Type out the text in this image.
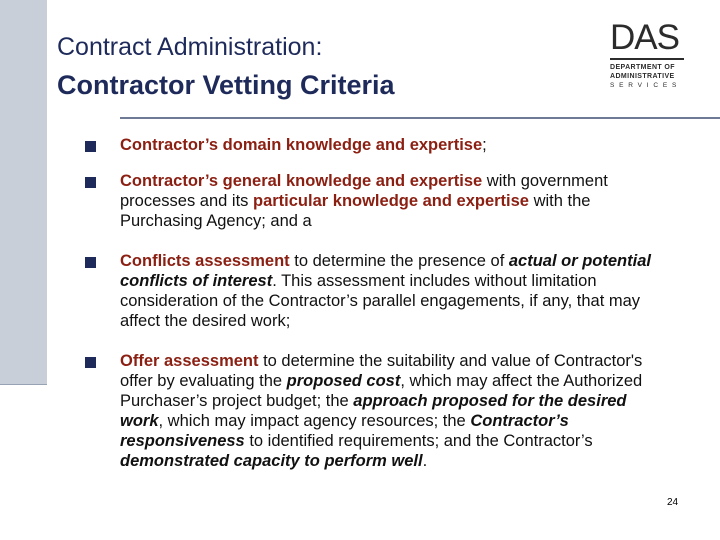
Contract Administration:
Contractor Vetting Criteria
DAS
DEPARTMENT OF
ADMINISTRATIVE
SERVICES
Contractor’s domain knowledge and expertise;
Contractor’s general knowledge and expertise with government processes and its particular knowledge and expertise with the Purchasing Agency; and a
Conflicts assessment to determine the presence of actual or potential conflicts of interest. This assessment includes without limitation consideration of the Contractor’s parallel engagements, if any, that may affect the desired work;
Offer assessment to determine the suitability and value of Contractor's offer by evaluating the proposed cost, which may affect the Authorized Purchaser’s project budget; the approach proposed for the desired work, which may impact agency resources; the Contractor’s responsiveness to identified requirements; and the Contractor’s demonstrated capacity to perform well.
24
